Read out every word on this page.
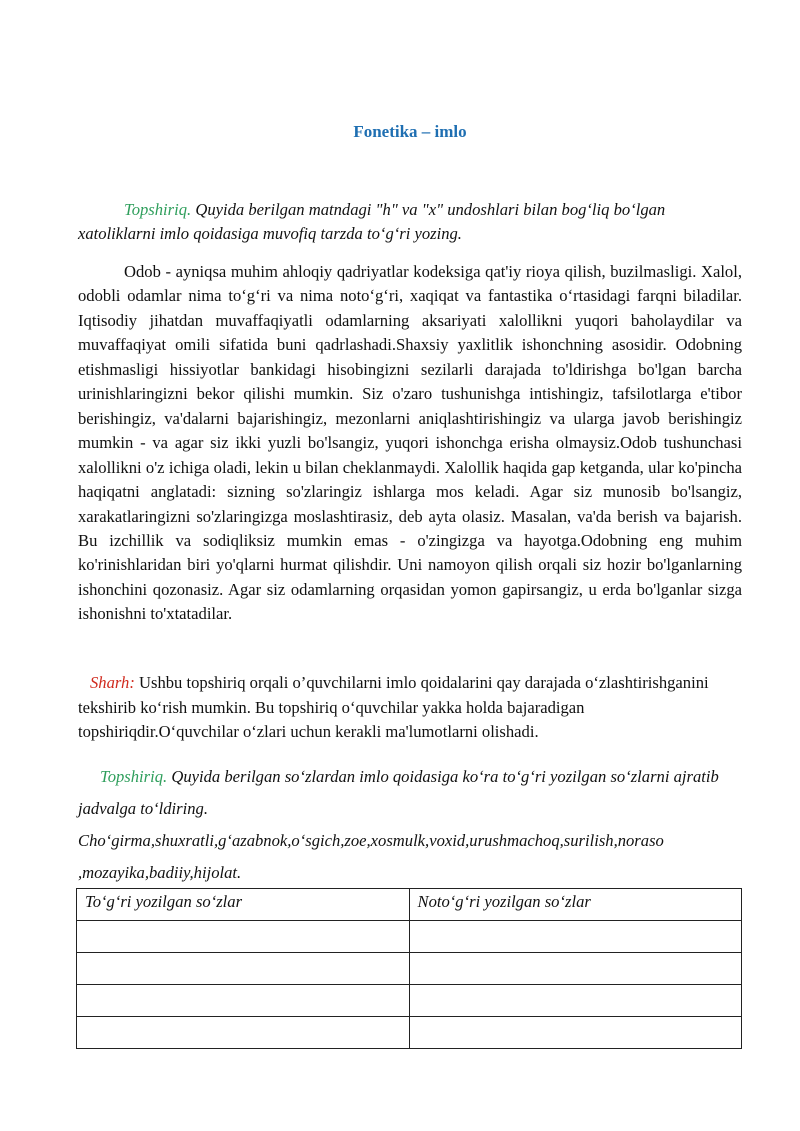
Fonetika – imlo
Topshiriq. Quyida berilgan matndagi "h" va "x" undoshlari bilan bog‘liq bo‘lgan xatoliklarni imlo qoidasiga muvofiq tarzda to‘g‘ri yozing.
Odob - ayniqsa muhim ahloqiy qadriyatlar kodeksiga qat'iy rioya qilish, buzilmasligi. Xalol, odobli odamlar nima to‘g‘ri va nima noto‘g‘ri, xaqiqat va fantastika o‘rtasidagi farqni biladilar. Iqtisodiy jihatdan muvaffaqiyatli odamlarning aksariyati xalollikni yuqori baholaydilar va muvaffaqiyat omili sifatida buni qadrlashadi.Shaxsiy yaxlitlik ishonchning asosidir. Odobning etishmasligi hissiyotlar bankidagi hisobingizni sezilarli darajada to'ldirishga bo'lgan barcha urinishlaringizni bekor qilishi mumkin. Siz o'zaro tushunishga intishingiz, tafsilotlarga e'tibor berishingiz, va'dalarni bajarishingiz, mezonlarni aniqlashtirishingiz va ularga javob berishingiz mumkin - va agar siz ikki yuzli bo'lsangiz, yuqori ishonchga erisha olmaysiz.Odob tushunchasi xalollikni o'z ichiga oladi, lekin u bilan cheklanmaydi. Xalollik haqida gap ketganda, ular ko'pincha haqiqatni anglatadi: sizning so'zlaringiz ishlarga mos keladi. Agar siz munosib bo'lsangiz, xarakatlaringizni so'zlaringizga moslashtirasiz, deb ayta olasiz. Masalan, va'da berish va bajarish. Bu izchillik va sodiqliksiz mumkin emas - o'zingizga va hayotga.Odobning eng muhim ko'rinishlaridan biri yo'qlarni hurmat qilishdir. Uni namoyon qilish orqali siz hozir bo'lganlarning ishonchini qozonasiz. Agar siz odamlarning orqasidan yomon gapirsangiz, u erda bo'lganlar sizga ishonishni to'xtatadilar.
Sharh: Ushbu topshiriq orqali o’quvchilarni imlo qoidalarini qay darajada o‘zlashtirishganini tekshirib ko‘rish mumkin. Bu topshiriq o‘quvchilar yakka holda bajaradigan topshiriqdir.O‘quvchilar o‘zlari uchun kerakli ma'lumotlarni olishadi.
Topshiriq. Quyida berilgan so‘zlardan imlo qoidasiga ko‘ra to‘g‘ri yozilgan so‘zlarni ajratib jadvalga to‘ldiring.
Cho‘girma,shuxratli,g‘azabnok,o‘sgich,zoe,xosmulk,voxid,urushmachoq,surilish,noraso ,mozayika,badiiy,hijolat.
To‘g‘ri yozilgan so‘zlar	Noto‘g‘ri yozilgan so‘zlar
